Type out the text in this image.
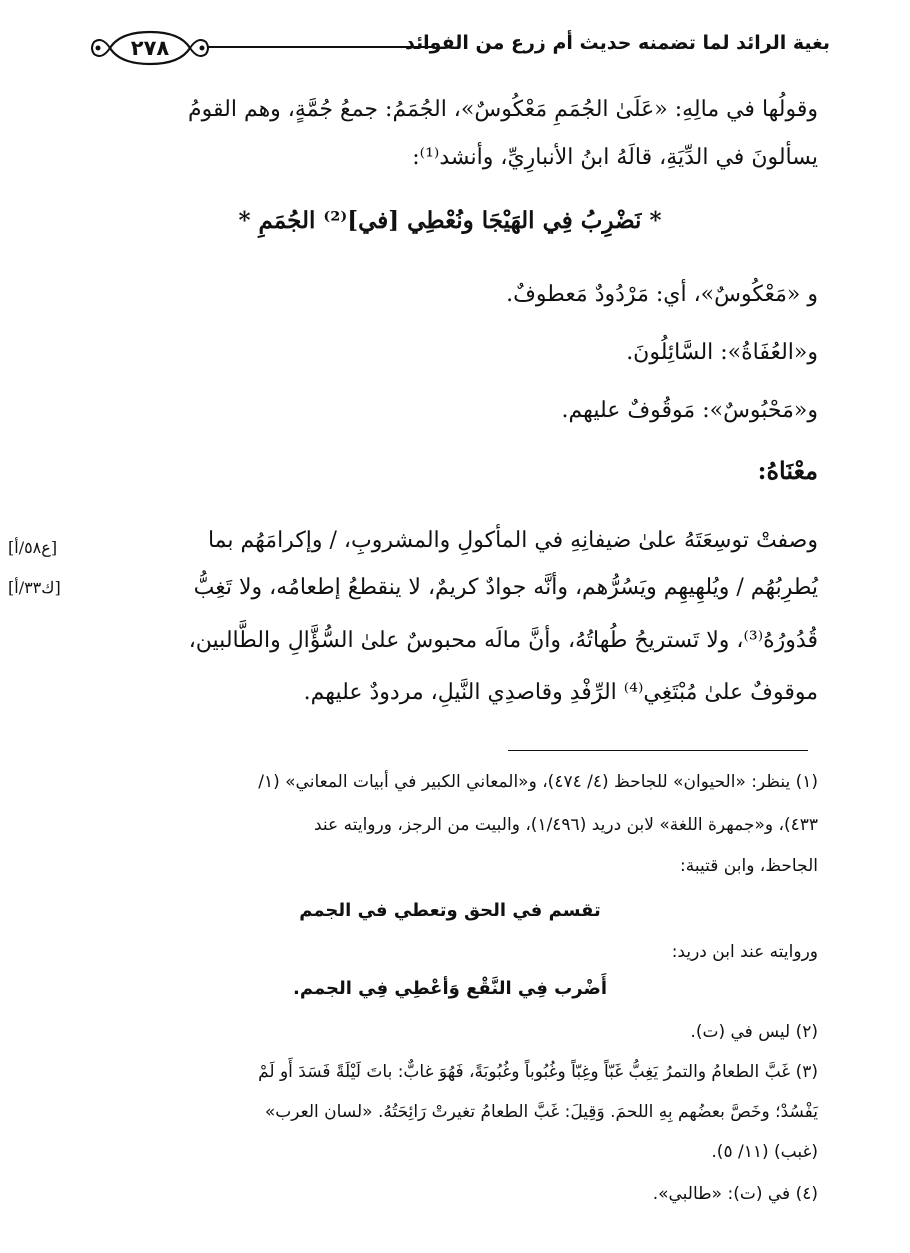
٢٧٨	بغية الرائد لما تضمنه حديث أم زرع من الفوائد
وقولُها في مالِهِ: «عَلَىٰ الجُمَمِ مَعْكُوسٌ»، الجُمَمُ: جمعُ جُمَّةٍ، وهم القومُ
يسألونَ في الدِّيَةِ، قالَهُ ابنُ الأنبارِيِّ، وأنشد⁽¹⁾:
* نَضْرِبُ فِي الهَيْجَا ونُعْطِي [في]⁽²⁾ الجُمَمِ *
و «مَعْكُوسٌ»، أي: مَرْدُودٌ مَعطوفٌ.
و«العُفَاةُ»: السَّائِلُونَ.
و«مَحْبُوسٌ»: مَوقُوفٌ عليهم.
معْنَاهُ:
وصفتْ توسِعَتَهُ علىٰ ضيفانِهِ في المأكولِ والمشروبِ، / وإكرامَهُم بما
يُطرِبُهُم / ويُلهِيهِم ويَسُرُّهم، وأنَّه جوادٌ كريمٌ، لا ينقطعُ إطعامُه، ولا تَغِبُّ
قُدُورُهُ⁽³⁾، ولا تَستريحُ طُهاتُهُ، وأنَّ مالَه محبوسٌ علىٰ السُّؤَّالِ والطَّالبين،
موقوفٌ علىٰ مُبْتَغِي⁽⁴⁾ الرِّفْدِ وقاصدِي النَّيلِ، مردودٌ عليهم.
[ع٥٨/أ]
[ك٣٣/أ]
(١) ينظر: «الحيوان» للجاحظ (٤/ ٤٧٤)، و«المعاني الكبير في أبيات المعاني» (١/
٤٣٣)، و«جمهرة اللغة» لابن دريد (١/٤٩٦)، والبيت من الرجز، وروايته عند
الجاحظ، وابن قتيبة:
تقسم في الحق وتعطي في الجمم
وروايته عند ابن دريد:
أَضْرب فِي النَّقْع وَأعْطِي فِي الجمم.
(٢) ليس في (ت).
(٣) غَبَّ الطعامُ والتمرُ يَغِبُّ غَبّاً وغِبّاً وغُبُوباً وغُبُوبَةً، فَهُوَ غابٌّ: باتَ لَيْلَةً فَسَدَ أَو لَمْ
يَفْسُدْ؛ وخَصَّ بعضُهم بِهِ اللحمَ. وَقِيلَ: غَبَّ الطعامُ تغيرتْ رَائِحَتُهُ. «لسان العرب»
(غبب) (١١/ ٥).
(٤) في (ت): «طالبي».
